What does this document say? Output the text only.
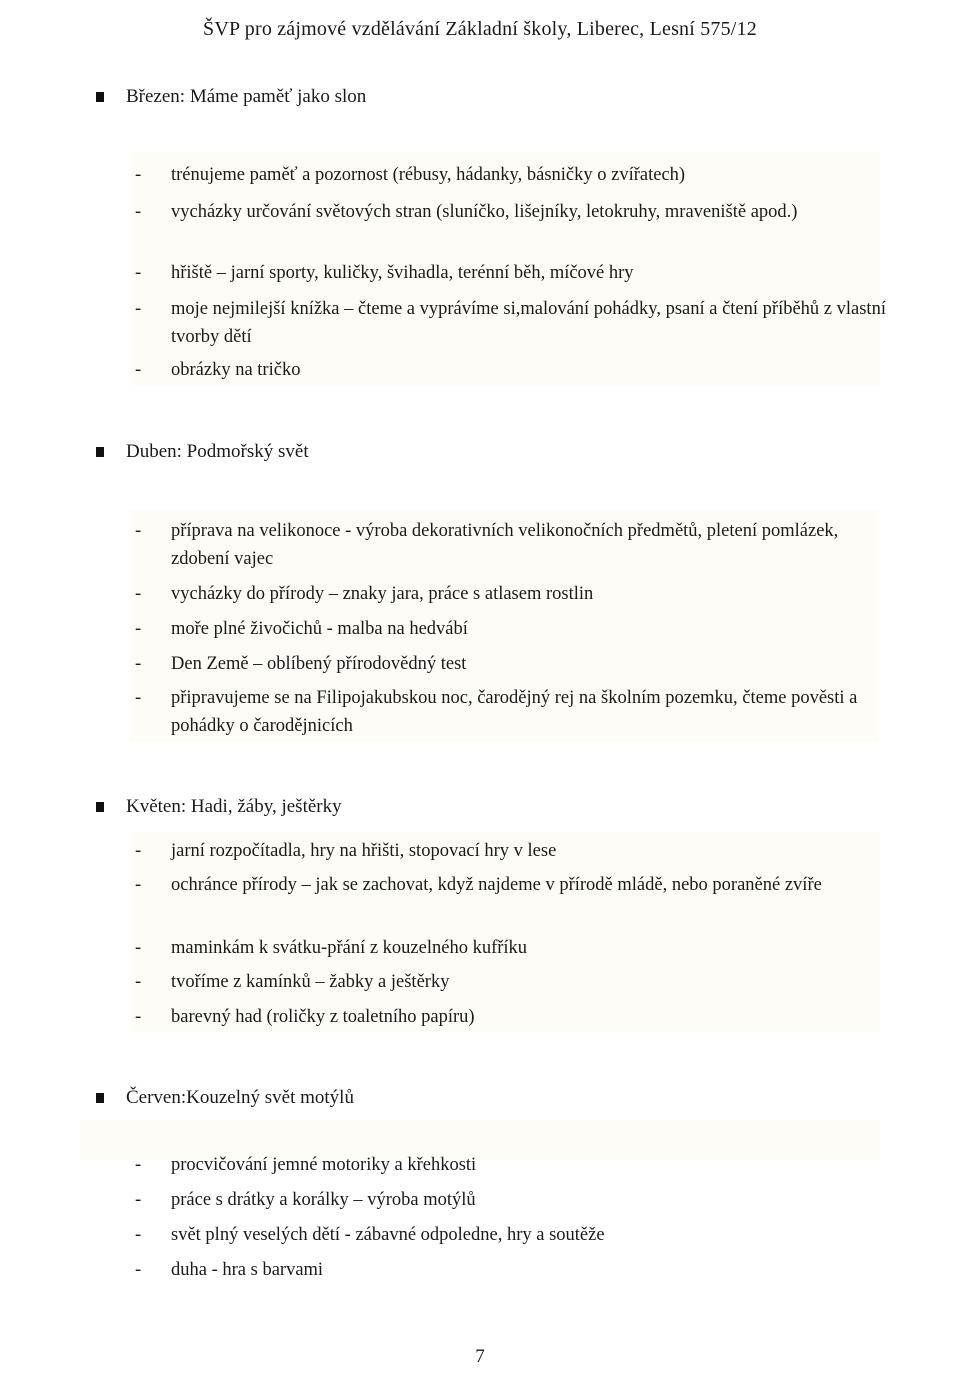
ŠVP pro zájmové vzdělávání Základní školy, Liberec, Lesní 575/12
Březen: Máme paměť jako slon
-	trénujeme paměť a pozornost (rébusy, hádanky, básničky o zvířatech)
-	vycházky určování světových stran (sluníčko, lišejníky, letokruhy, mraveniště apod.)
-	hřiště – jarní sporty, kuličky, švihadla, terénní běh, míčové hry
-	moje nejmilejší knížka – čteme a vyprávíme si,malování pohádky, psaní a čtení příběhů z vlastní tvorby dětí
-	obrázky na tričko
Duben: Podmořský svět
-	příprava na velikonoce - výroba dekorativních velikonočních předmětů, pletení pomlázek, zdobení vajec
-	vycházky do přírody – znaky jara, práce s atlasem rostlin
-	moře plné živočichů - malba na hedvábí
-	Den Země – oblíbený přírodovědný test
-	připravujeme se na Filipojakubskou noc, čarodějný rej na školním pozemku, čteme pověsti a pohádky o čarodějnicích
Květen: Hadi, žáby, ještěrky
-	jarní rozpočítadla, hry na hřišti, stopovací hry v lese
-	ochránce přírody – jak se zachovat, když najdeme v přírodě mládě, nebo poraněné zvíře
-	maminkám k svátku-přání z kouzelného kufříku
-	tvoříme z kamínků – žabky a ještěrky
-	barevný had (roličky z toaletního papíru)
Červen:Kouzelný svět motýlů
-	procvičování jemné motoriky a křehkosti
-	práce s drátky a korálky – výroba motýlů
-	svět plný veselých dětí - zábavné odpoledne, hry a soutěže
-	duha - hra s barvami
7
